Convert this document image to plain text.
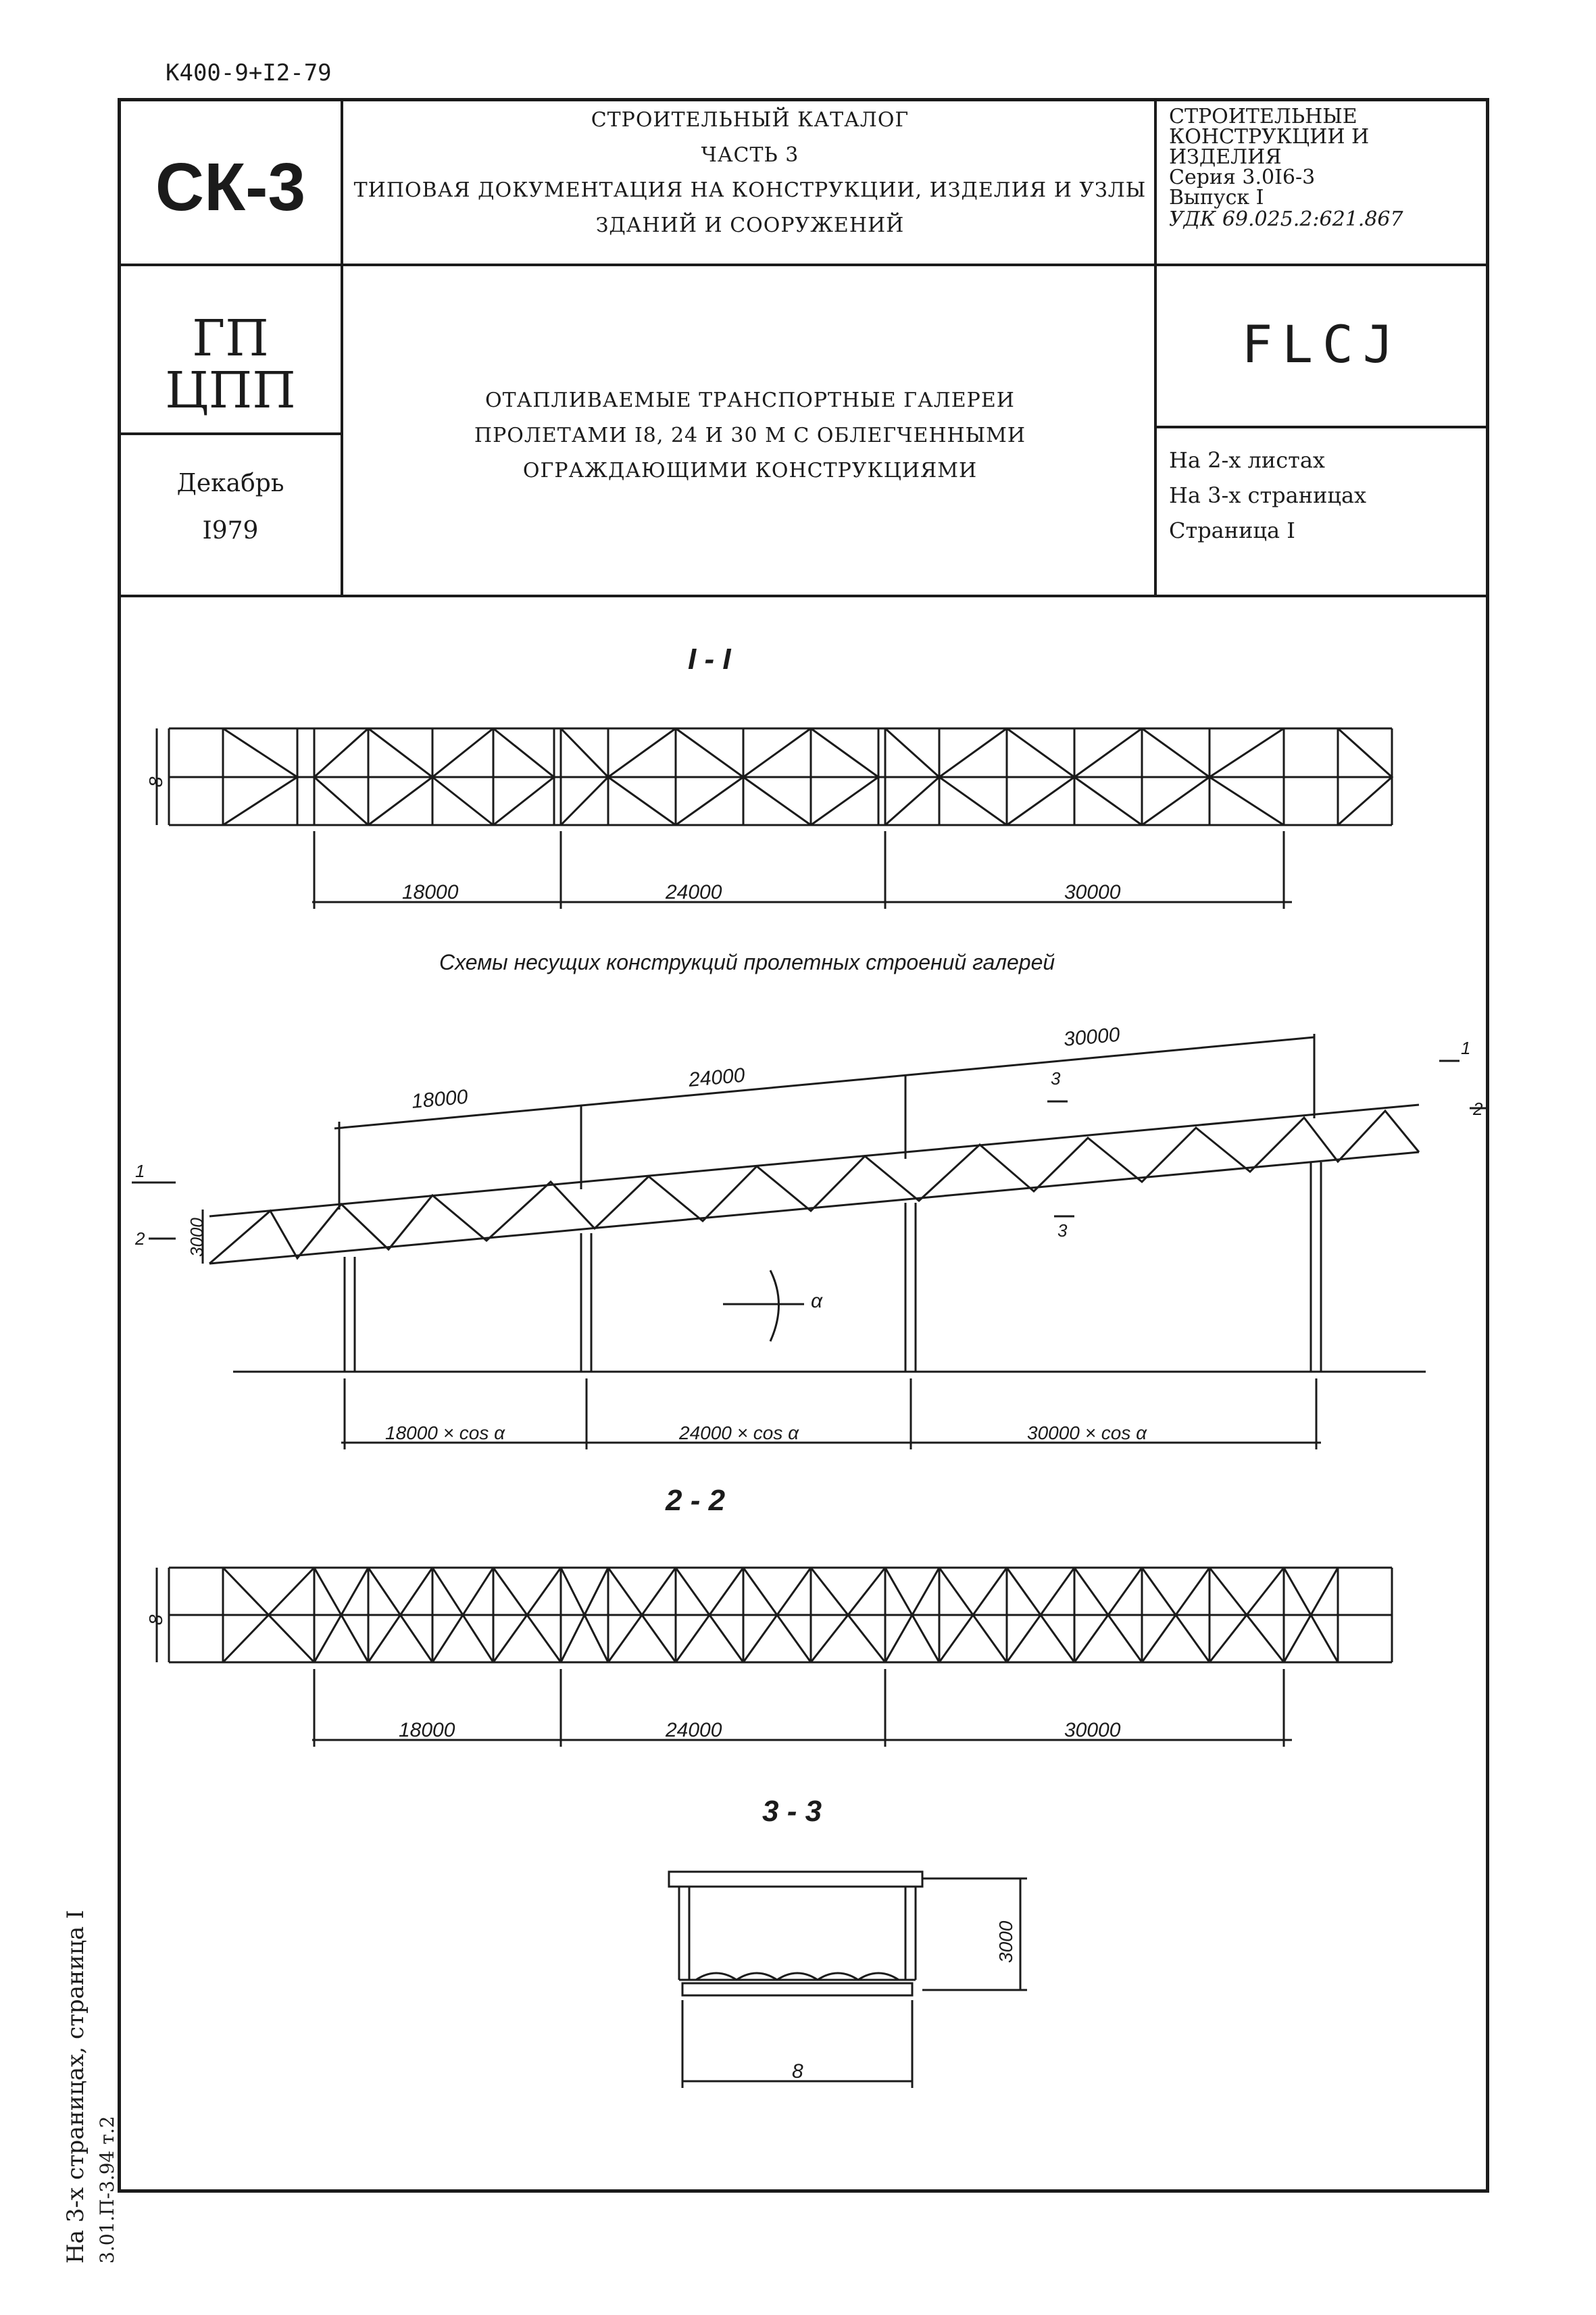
К400-9+I2-79
СК-3
СТРОИТЕЛЬНЫЙ КАТАЛОГ
ЧАСТЬ 3
ТИПОВАЯ ДОКУМЕНТАЦИЯ НА КОНСТРУКЦИИ, ИЗДЕЛИЯ И УЗЛЫ
ЗДАНИЙ И СООРУЖЕНИЙ
СТРОИТЕЛЬНЫЕ
КОНСТРУКЦИИ И
ИЗДЕЛИЯ
Серия 3.0I6-3
Выпуск I
УДК 69.025.2:621.867
ГП
ЦПП
Декабрь
I979
ОТАПЛИВАЕМЫЕ ТРАНСПОРТНЫЕ ГАЛЕРЕИ
ПРОЛЕТАМИ I8, 24 И 30 М С ОБЛЕГЧЕННЫМИ
ОГРАЖДАЮЩИМИ КОНСТРУКЦИЯМИ
FLCJ
На 2-х листах
На 3-х страницах
Страница I
I - I
18000	24000	30000
Схемы несущих конструкций пролетных строений галерей
18000
24000
30000
α
18000 × cos α	24000 × cos α	30000 × cos α
1
2
1
2
3
3
3000
8
2 - 2
8
18000	24000	30000
3 - 3
3000
8
На 3-х страницах, страница I 3.01.П-3.94 т.2
